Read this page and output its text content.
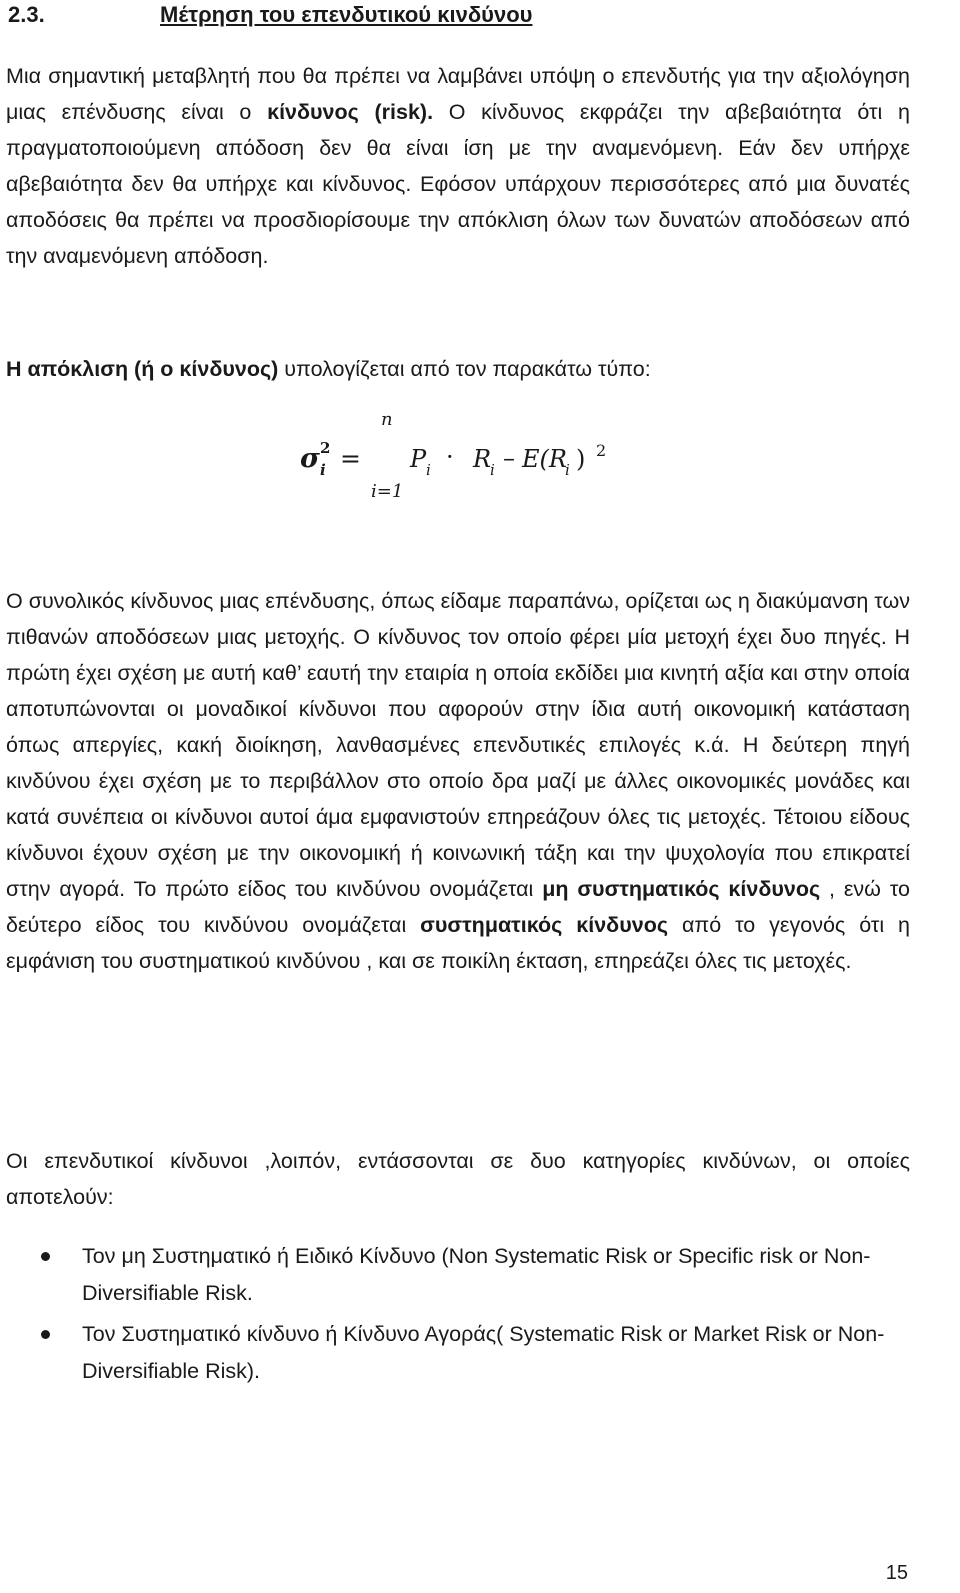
2.3.	Μέτρηση του επενδυτικού κινδύνου
Μια σημαντική μεταβλητή που θα πρέπει να λαμβάνει υπόψη ο επενδυτής για την αξιολόγηση μιας επένδυσης είναι ο κίνδυνος (risk). Ο κίνδυνος εκφράζει την αβεβαιότητα ότι η πραγματοποιούμενη απόδοση δεν θα είναι ίση με την αναμενόμενη. Εάν δεν υπήρχε αβεβαιότητα δεν θα υπήρχε και κίνδυνος. Εφόσον υπάρχουν περισσότερες από μια δυνατές αποδόσεις θα πρέπει να προσδιορίσουμε την απόκλιση όλων των δυνατών αποδόσεων από την αναμενόμενη απόδοση.
Η απόκλιση (ή ο κίνδυνος) υπολογίζεται από τον παρακάτω τύπο:
σ 2
i =
n
i=1
P i · R
i – E(R
i ) 2
Ο συνολικός κίνδυνος μιας επένδυσης, όπως είδαμε παραπάνω, ορίζεται ως η διακύμανση των πιθανών αποδόσεων μιας μετοχής. Ο κίνδυνος τον οποίο φέρει μία μετοχή έχει δυο πηγές. Η πρώτη έχει σχέση με αυτή καθ’ εαυτή την εταιρία η οποία εκδίδει μια κινητή αξία και στην οποία αποτυπώνονται οι μοναδικοί κίνδυνοι που αφορούν στην ίδια αυτή οικονομική κατάσταση όπως απεργίες, κακή διοίκηση, λανθασμένες επενδυτικές επιλογές κ.ά. Η δεύτερη πηγή κινδύνου έχει σχέση με το περιβάλλον στο οποίο δρα μαζί με άλλες οικονομικές μονάδες και κατά συνέπεια οι κίνδυνοι αυτοί άμα εμφανιστούν επηρεάζουν όλες τις μετοχές. Τέτοιου είδους κίνδυνοι έχουν σχέση με την οικονομική ή κοινωνική τάξη και την ψυχολογία που επικρατεί στην αγορά. Το πρώτο είδος του κινδύνου ονομάζεται μη συστηματικός κίνδυνος , ενώ το δεύτερο είδος του κινδύνου ονομάζεται συστηματικός κίνδυνος από το γεγονός ότι η εμφάνιση του συστηματικού κινδύνου , και σε ποικίλη έκταση, επηρεάζει όλες τις μετοχές.
Οι επενδυτικοί κίνδυνοι ,λοιπόν, εντάσσονται σε δυο κατηγορίες κινδύνων, οι οποίες αποτελούν:
Τον μη Συστηματικό ή Ειδικό Κίνδυνο (Non Systematic Risk or Specific risk or Non-Diversifiable Risk.
Τον Συστηματικό κίνδυνο ή Κίνδυνο Αγοράς( Systematic Risk or Market Risk or Non-Diversifiable Risk).
15
